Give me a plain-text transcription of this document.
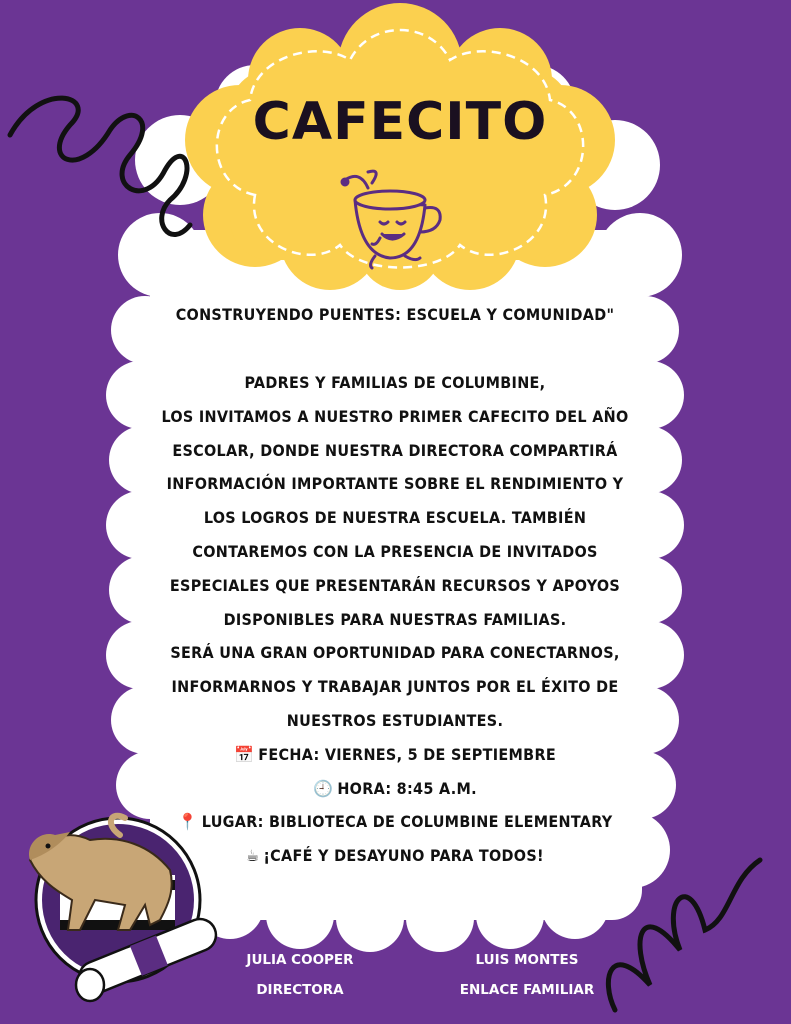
CAFECITO

CONSTRUYENDO PUENTES: ESCUELA Y COMUNIDAD"

PADRES Y FAMILIAS DE COLUMBINE,
LOS INVITAMOS A NUESTRO PRIMER CAFECITO DEL AÑO
ESCOLAR, DONDE NUESTRA DIRECTORA COMPARTIRÁ
INFORMACIÓN IMPORTANTE SOBRE EL RENDIMIENTO Y
LOS LOGROS DE NUESTRA ESCUELA. TAMBIÉN
CONTAREMOS CON LA PRESENCIA DE INVITADOS
ESPECIALES QUE PRESENTARÁN RECURSOS Y APOYOS
DISPONIBLES PARA NUESTRAS FAMILIAS.
SERÁ UNA GRAN OPORTUNIDAD PARA CONECTARNOS,
INFORMARNOS Y TRABAJAR JUNTOS POR EL ÉXITO DE
NUESTROS ESTUDIANTES.

📅 FECHA: VIERNES, 5 DE SEPTIEMBRE
🕘 HORA: 8:45 A.M.
📍 LUGAR: BIBLIOTECA DE COLUMBINE ELEMENTARY
☕ ¡CAFÉ Y DESAYUNO PARA TODOS!
JULIA COOPER
DIRECTORA
LUIS MONTES
ENLACE FAMILIAR
